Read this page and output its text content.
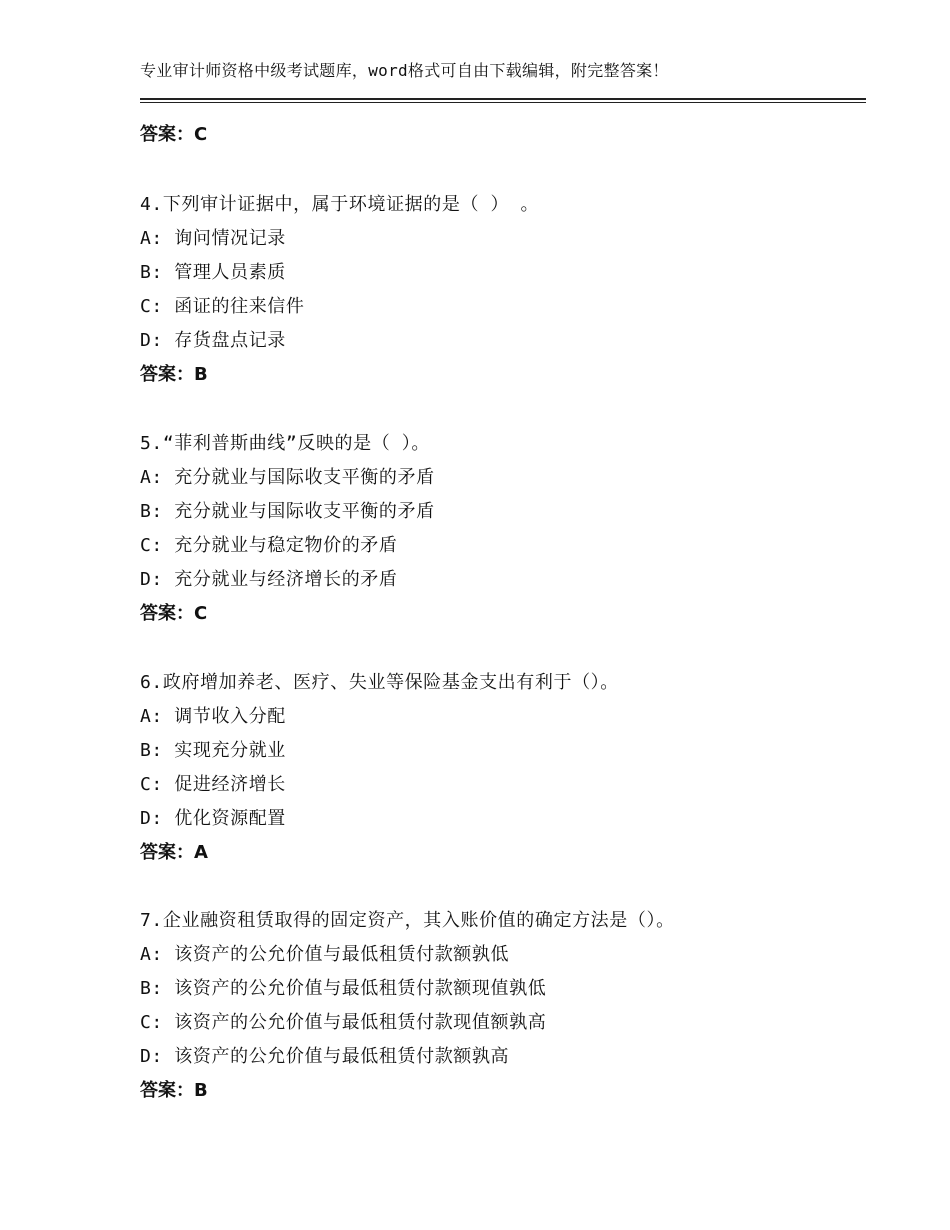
专业审计师资格中级考试题库，word格式可自由下载编辑，附完整答案！
答案：C
4.下列审计证据中，属于环境证据的是（ ） 。
A: 询问情况记录
B: 管理人员素质
C: 函证的往来信件
D: 存货盘点记录
答案：B
5.“菲利普斯曲线”反映的是（ ）。
A: 充分就业与国际收支平衡的矛盾
B: 充分就业与国际收支平衡的矛盾
C: 充分就业与稳定物价的矛盾
D: 充分就业与经济增长的矛盾
答案：C
6.政府增加养老、医疗、失业等保险基金支出有利于（）。
A: 调节收入分配
B: 实现充分就业
C: 促进经济增长
D: 优化资源配置
答案：A
7.企业融资租赁取得的固定资产，其入账价值的确定方法是（）。
A: 该资产的公允价值与最低租赁付款额孰低
B: 该资产的公允价值与最低租赁付款额现值孰低
C: 该资产的公允价值与最低租赁付款现值额孰高
D: 该资产的公允价值与最低租赁付款额孰高
答案：B
